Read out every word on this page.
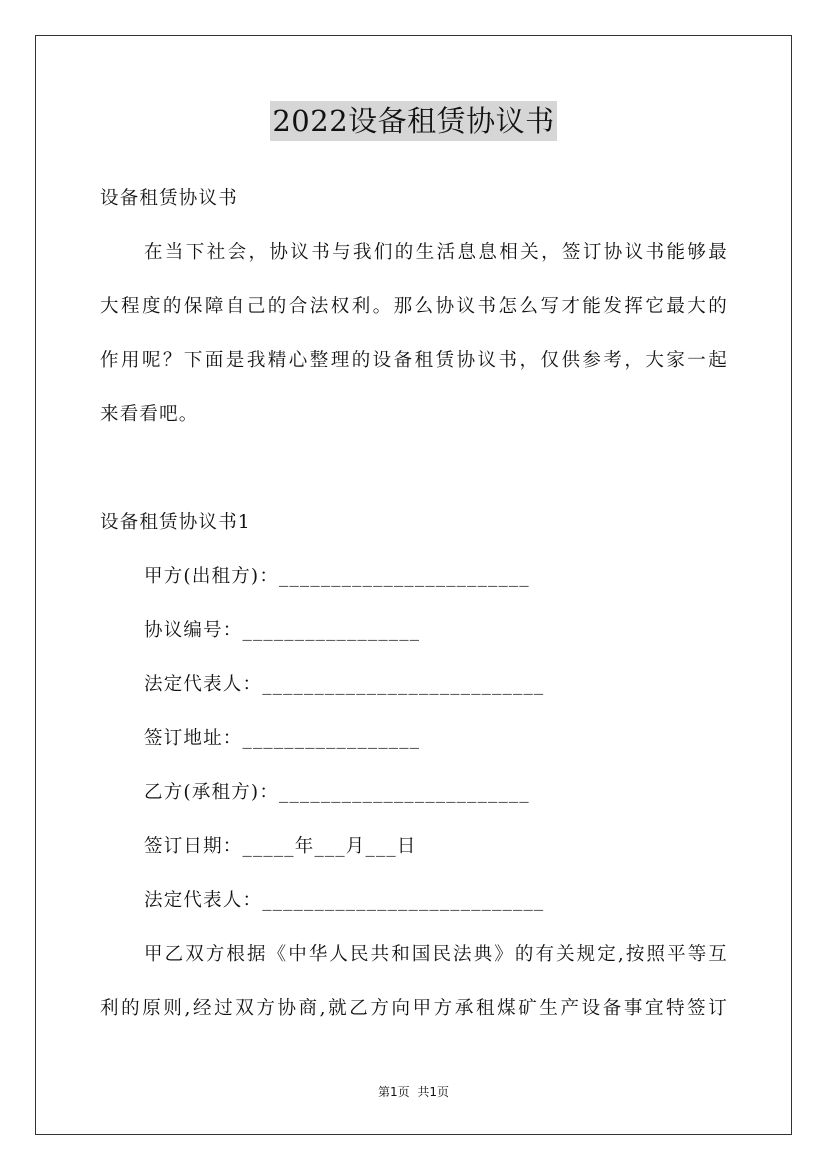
2022设备租赁协议书
设备租赁协议书
在当下社会，协议书与我们的生活息息相关，签订协议书能够最
大程度的保障自己的合法权利。那么协议书怎么写才能发挥它最大的
作用呢？下面是我精心整理的设备租赁协议书，仅供参考，大家一起
来看看吧。
设备租赁协议书1
甲方(出租方)：________________________
协议编号：_________________
法定代表人：___________________________
签订地址：_________________
乙方(承租方)：________________________
签订日期：_____年___月___日
法定代表人：___________________________
甲乙双方根据《中华人民共和国民法典》的有关规定,按照平等互
利的原则,经过双方协商,就乙方向甲方承租煤矿生产设备事宜特签订
第1页 共1页
